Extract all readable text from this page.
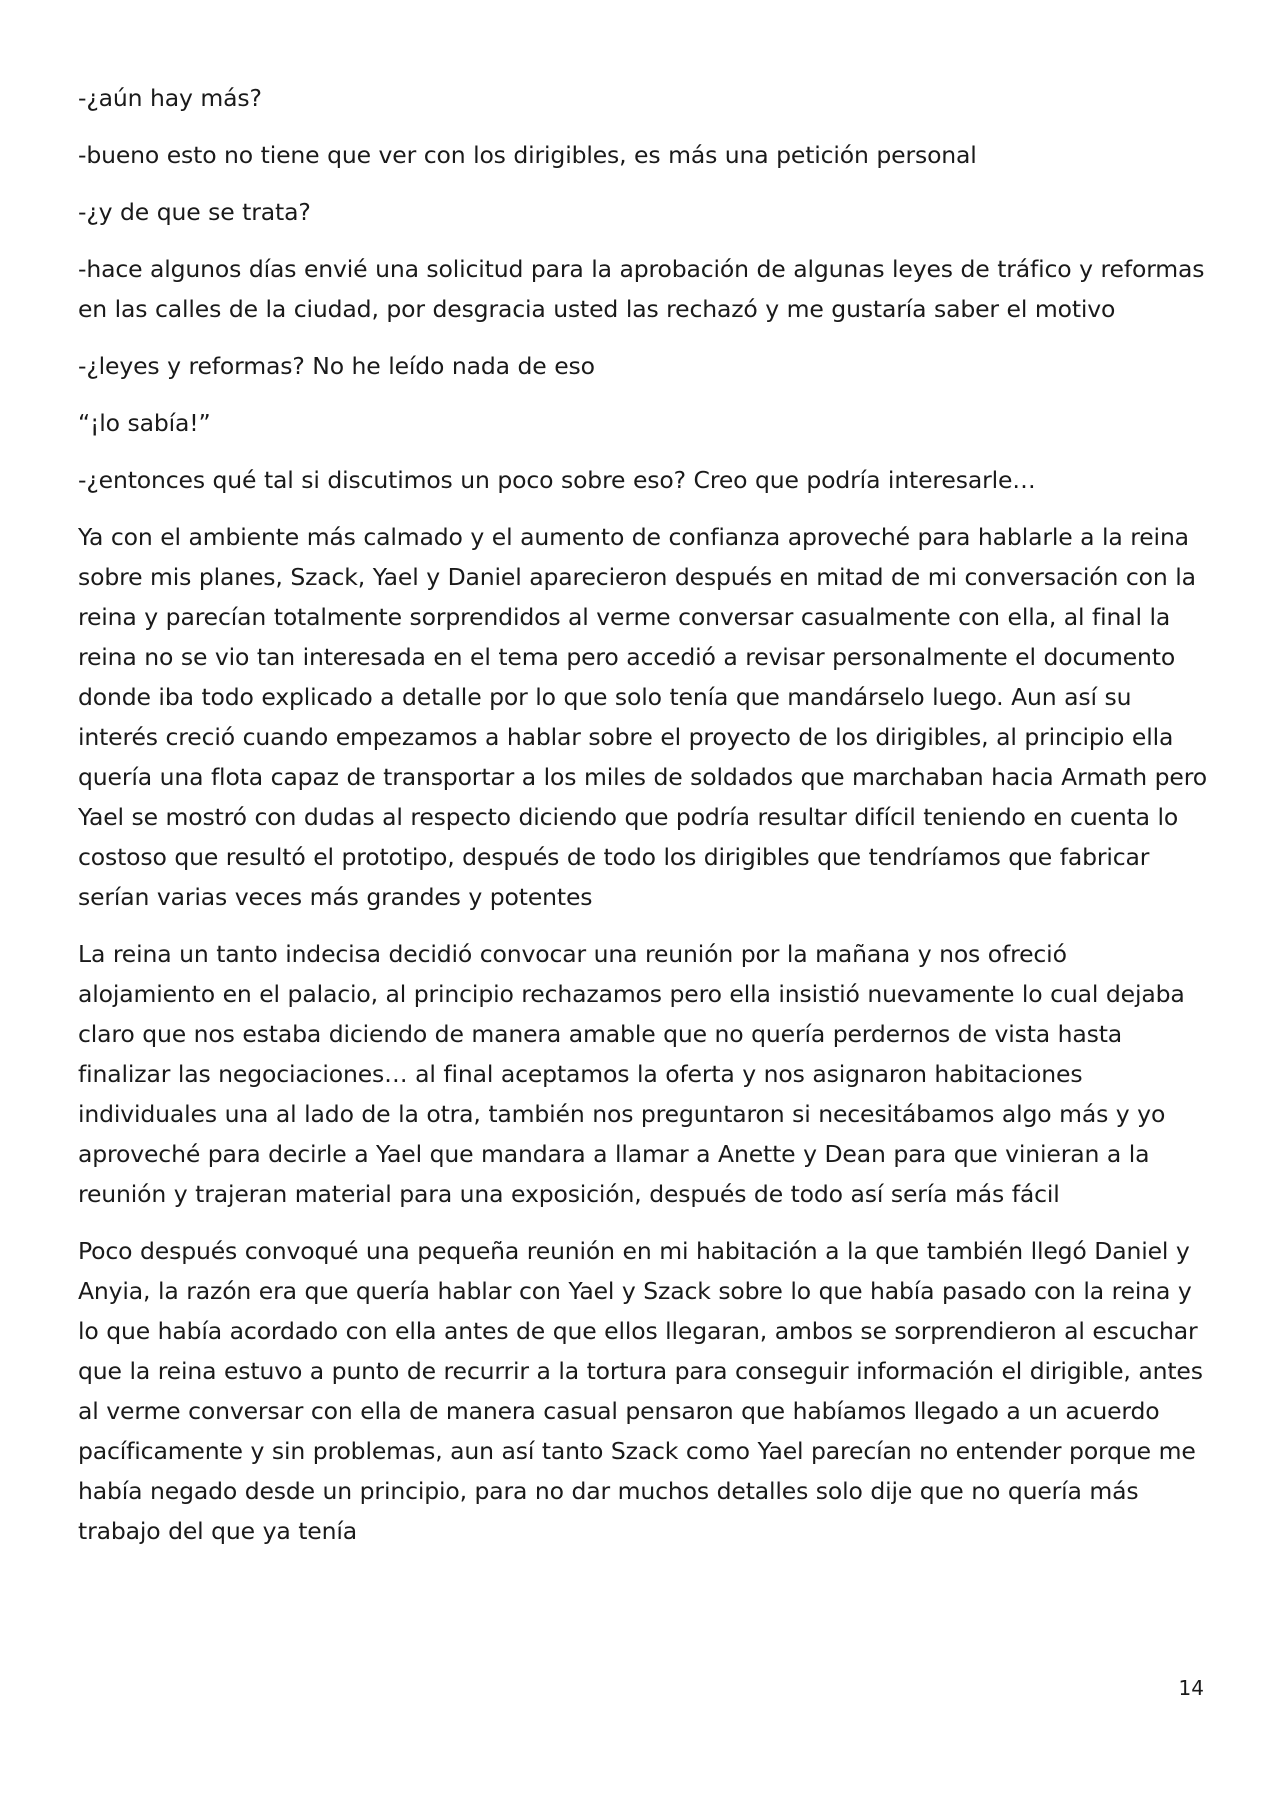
-¿aún hay más?

-bueno esto no tiene que ver con los dirigibles, es más una petición personal

-¿y de que se trata?

-hace algunos días envié una solicitud para la aprobación de algunas leyes de tráfico y reformas en las calles de la ciudad, por desgracia usted las rechazó y me gustaría saber el motivo

-¿leyes y reformas? No he leído nada de eso

“¡lo sabía!”

-¿entonces qué tal si discutimos un poco sobre eso? Creo que podría interesarle…

Ya con el ambiente más calmado y el aumento de confianza aproveché para hablarle a la reina sobre mis planes, Szack, Yael y Daniel aparecieron después en mitad de mi conversación con la reina y parecían totalmente sorprendidos al verme conversar casualmente con ella, al final la reina no se vio tan interesada en el tema pero accedió a revisar personalmente el documento donde iba todo explicado a detalle por lo que solo tenía que mandárselo luego. Aun así su interés creció cuando empezamos a hablar sobre el proyecto de los dirigibles, al principio ella quería una flota capaz de transportar a los miles de soldados que marchaban hacia Armath pero Yael se mostró con dudas al respecto diciendo que podría resultar difícil teniendo en cuenta lo costoso que resultó el prototipo, después de todo los dirigibles que tendríamos que fabricar serían varias veces más grandes y potentes

La reina un tanto indecisa decidió convocar una reunión por la mañana y nos ofreció alojamiento en el palacio, al principio rechazamos pero ella insistió nuevamente lo cual dejaba claro que nos estaba diciendo de manera amable que no quería perdernos de vista hasta finalizar las negociaciones… al final aceptamos la oferta y nos asignaron habitaciones individuales una al lado de la otra, también nos preguntaron si necesitábamos algo más y yo aproveché para decirle a Yael que mandara a llamar a Anette y Dean para que vinieran a la reunión y trajeran material para una exposición, después de todo así sería más fácil

Poco después convoqué una pequeña reunión en mi habitación a la que también llegó Daniel y Anyia, la razón era que quería hablar con Yael y Szack sobre lo que había pasado con la reina y lo que había acordado con ella antes de que ellos llegaran, ambos se sorprendieron al escuchar que la reina estuvo a punto de recurrir a la tortura para conseguir información el dirigible, antes al verme conversar con ella de manera casual pensaron que habíamos llegado a un acuerdo pacíficamente y sin problemas, aun así tanto Szack como Yael parecían no entender porque me había negado desde un principio, para no dar muchos detalles solo dije que no quería más trabajo del que ya tenía

14
